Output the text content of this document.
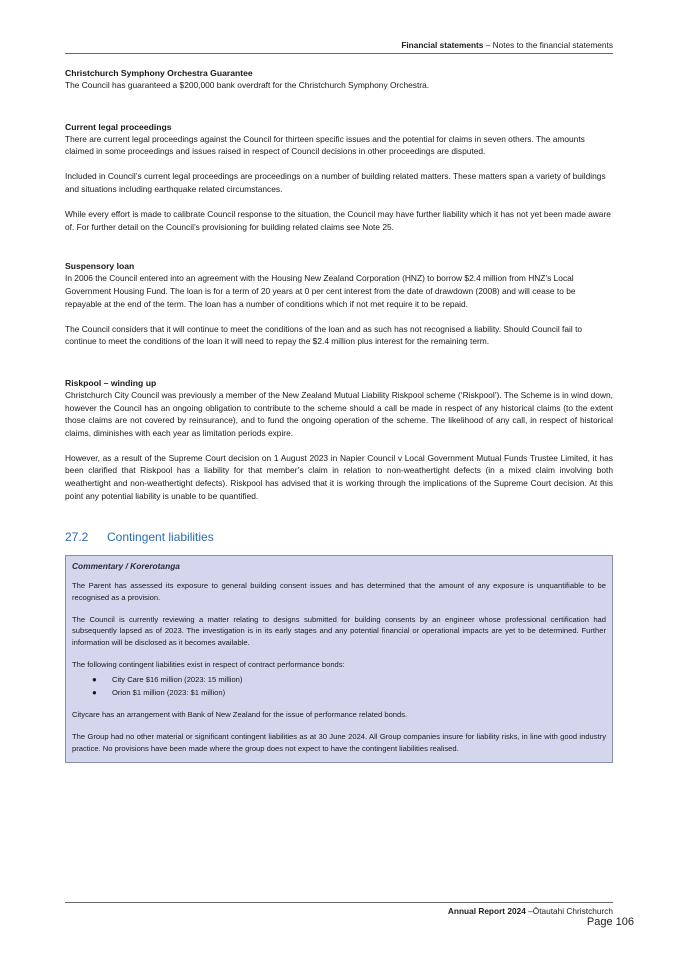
Financial statements – Notes to the financial statements
Christchurch Symphony Orchestra Guarantee

The Council has guaranteed a $200,000 bank overdraft for the Christchurch Symphony Orchestra.

Current legal proceedings

There are current legal proceedings against the Council for thirteen specific issues and the potential for claims in seven others. The amounts claimed in some proceedings and issues raised in respect of Council decisions in other proceedings are disputed.

Included in Council’s current legal proceedings are proceedings on a number of building related matters. These matters span a variety of buildings and situations including earthquake related circumstances.

While every effort is made to calibrate Council response to the situation, the Council may have further liability which it has not yet been made aware of. For further detail on the Council’s provisioning for building related claims see Note 25.

Suspensory loan

In 2006 the Council entered into an agreement with the Housing New Zealand Corporation (HNZ) to borrow $2.4 million from HNZ’s Local Government Housing Fund. The loan is for a term of 20 years at 0 per cent interest from the date of drawdown (2008) and will cease to be repayable at the end of the term. The loan has a number of conditions which if not met require it to be repaid.

The Council considers that it will continue to meet the conditions of the loan and as such has not recognised a liability. Should Council fail to continue to meet the conditions of the loan it will need to repay the $2.4 million plus interest for the remaining term.

Riskpool – winding up

Christchurch City Council was previously a member of the New Zealand Mutual Liability Riskpool scheme (‘Riskpool’). The Scheme is in wind down, however the Council has an ongoing obligation to contribute to the scheme should a call be made in respect of any historical claims (to the extent those claims are not covered by reinsurance), and to fund the ongoing operation of the scheme. The likelihood of any call, in respect of historical claims, diminishes with each year as limitation periods expire.

However, as a result of the Supreme Court decision on 1 August 2023 in Napier Council v Local Government Mutual Funds Trustee Limited, it has been clarified that Riskpool has a liability for that member’s claim in relation to non-weathertight defects (in a mixed claim involving both weathertight and non-weathertight defects). Riskpool has advised that it is working through the implications of the Supreme Court decision. At this point any potential liability is unable to be quantified.

27.2	Contingent liabilities
Commentary / Korerotanga

The Parent has assessed its exposure to general building consent issues and has determined that the amount of any exposure is unquantifiable to be recognised as a provision.

The Council is currently reviewing a matter relating to designs submitted for building consents by an engineer whose professional certification had subsequently lapsed as of 2023. The investigation is in its early stages and any potential financial or operational impacts are yet to be determined. Further information will be disclosed as it becomes available.

The following contingent liabilities exist in respect of contract performance bonds:

●	City Care $16 million (2023: 15 million)
●	Orion $1 million (2023: $1 million)

Citycare has an arrangement with Bank of New Zealand for the issue of performance related bonds.

The Group had no other material or significant contingent liabilities as at 30 June 2024. All Group companies insure for liability risks, in line with good industry practice. No provisions have been made where the group does not expect to have the contingent liabilities realised.

Annual Report 2024 –Ōtautahi Christchurch
Page 106
